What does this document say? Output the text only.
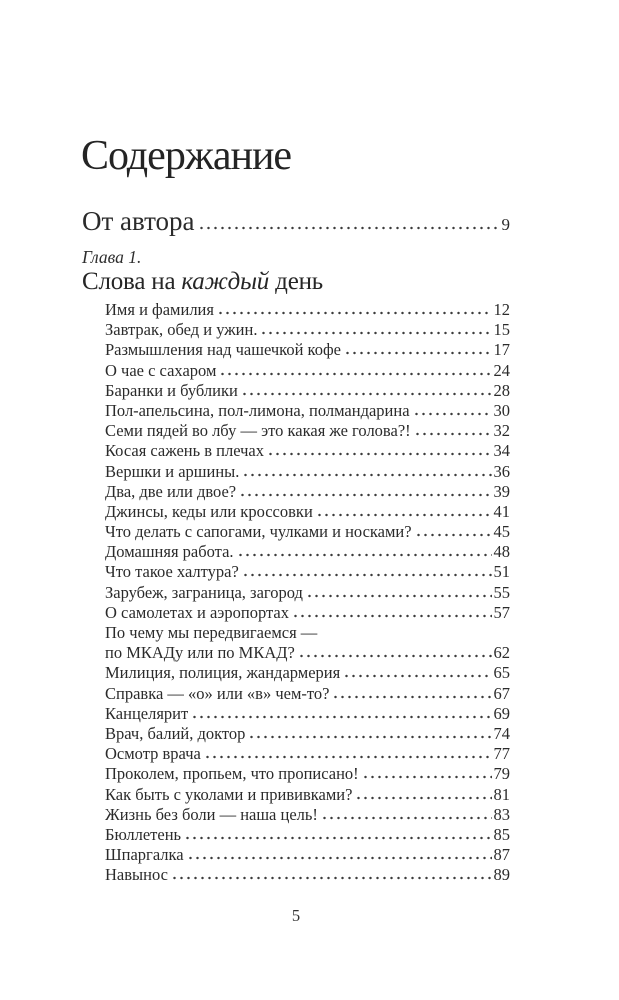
Содержание
От автора	9
Глава 1.
Слова на каждый день
Имя и фамилия	12
Завтрак, обед и ужин.	15
Размышления над чашечкой кофе	17
О чае с сахаром	24
Баранки и бублики	28
Пол-апельсина, пол-лимона, полмандарина	30
Семи пядей во лбу — это какая же голова?!	32
Косая сажень в плечах	34
Вершки и аршины.	36
Два, две или двое?	39
Джинсы, кеды или кроссовки	41
Что делать с сапогами, чулками и носками?	45
Домашняя работа.	48
Что такое халтура?	51
Зарубеж, заграница, загород	55
О самолетах и аэропортах	57
По чему мы передвигаемся —
по МКАДу или по МКАД?	62
Милиция, полиция, жандармерия	65
Справка — «о» или «в» чем-то?	67
Канцелярит	69
Врач, балий, доктор	74
Осмотр врача	77
Проколем, пропьем, что прописано!	79
Как быть с уколами и прививками?	81
Жизнь без боли — наша цель!	83
Бюллетень	85
Шпаргалка	87
Навынос	89
5
